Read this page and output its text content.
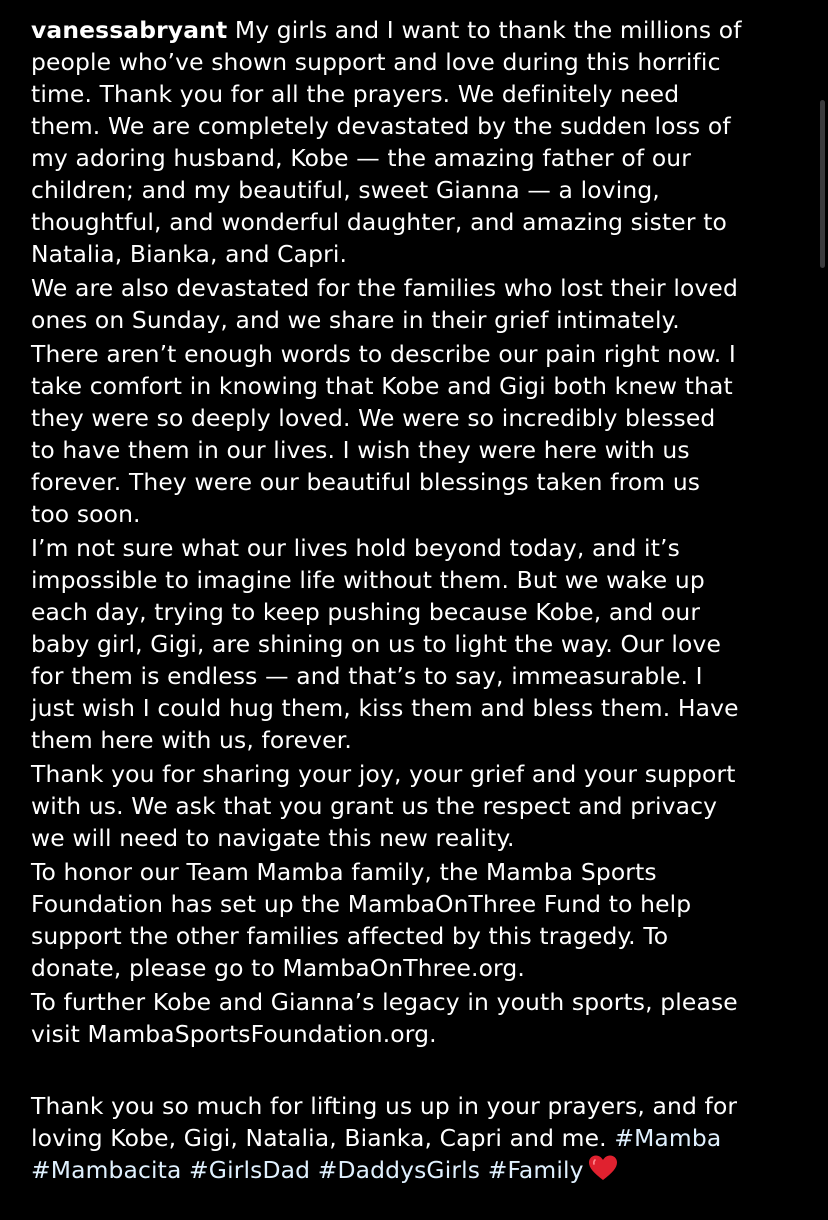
vanessabryant My girls and I want to thank the millions of
people who’ve shown support and love during this horrific
time. Thank you for all the prayers. We definitely need
them. We are completely devastated by the sudden loss of
my adoring husband, Kobe — the amazing father of our
children; and my beautiful, sweet Gianna — a loving,
thoughtful, and wonderful daughter, and amazing sister to
Natalia, Bianka, and Capri.

We are also devastated for the families who lost their loved
ones on Sunday, and we share in their grief intimately.

There aren’t enough words to describe our pain right now. I
take comfort in knowing that Kobe and Gigi both knew that
they were so deeply loved. We were so incredibly blessed
to have them in our lives. I wish they were here with us
forever. They were our beautiful blessings taken from us
too soon.

I’m not sure what our lives hold beyond today, and it’s
impossible to imagine life without them. But we wake up
each day, trying to keep pushing because Kobe, and our
baby girl, Gigi, are shining on us to light the way. Our love
for them is endless — and that’s to say, immeasurable. I
just wish I could hug them, kiss them and bless them. Have
them here with us, forever.

Thank you for sharing your joy, your grief and your support
with us. We ask that you grant us the respect and privacy
we will need to navigate this new reality.

To honor our Team Mamba family, the Mamba Sports
Foundation has set up the MambaOnThree Fund to help
support the other families affected by this tragedy. To
donate, please go to MambaOnThree.org.

To further Kobe and Gianna’s legacy in youth sports, please
visit MambaSportsFoundation.org.

Thank you so much for lifting us up in your prayers, and for
loving Kobe, Gigi, Natalia, Bianka, Capri and me. #Mamba
#Mambacita #GirlsDad #DaddysGirls #Family
